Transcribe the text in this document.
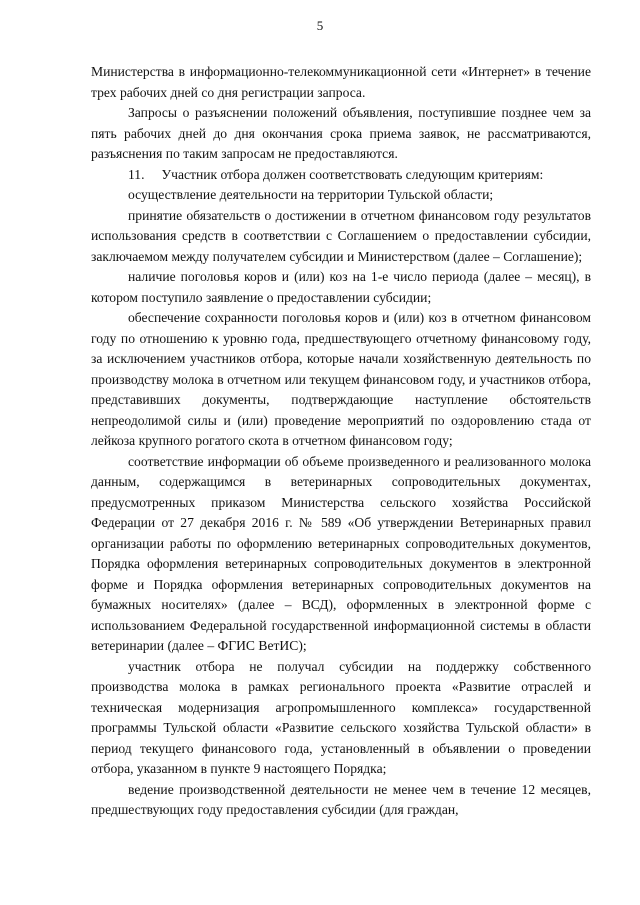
5

Министерства в информационно-телекоммуникационной сети «Интернет» в течение трех рабочих дней со дня регистрации запроса.

Запросы о разъяснении положений объявления, поступившие позднее чем за пять рабочих дней до дня окончания срока приема заявок, не рассматриваются, разъяснения по таким запросам не предоставляются.

11.     Участник отбора должен соответствовать следующим критериям:

осуществление деятельности на территории Тульской области;

принятие обязательств о достижении в отчетном финансовом году результатов использования средств в соответствии с Соглашением о предоставлении субсидии, заключаемом между получателем субсидии и Министерством (далее – Соглашение);

наличие поголовья коров и (или) коз на 1-е число периода (далее – месяц), в котором поступило заявление о предоставлении субсидии;

обеспечение сохранности поголовья коров и (или) коз в отчетном финансовом году по отношению к уровню года, предшествующего отчетному финансовому году, за исключением участников отбора, которые начали хозяйственную деятельность по производству молока в отчетном или текущем финансовом году, и участников отбора, представивших документы, подтверждающие наступление обстоятельств непреодолимой силы и (или) проведение мероприятий по оздоровлению стада от лейкоза крупного рогатого скота в отчетном финансовом году;

соответствие информации об объеме произведенного и реализованного молока данным, содержащимся в ветеринарных сопроводительных документах, предусмотренных приказом Министерства сельского хозяйства Российской Федерации от 27 декабря 2016 г. № 589 «Об утверждении Ветеринарных правил организации работы по оформлению ветеринарных сопроводительных документов, Порядка оформления ветеринарных сопроводительных документов в электронной форме и Порядка оформления ветеринарных сопроводительных документов на бумажных носителях» (далее – ВСД), оформленных в электронной форме с использованием Федеральной государственной информационной системы в области ветеринарии (далее – ФГИС ВетИС);

участник отбора не получал субсидии на поддержку собственного производства молока в рамках регионального проекта «Развитие отраслей и техническая модернизация агропромышленного комплекса» государственной программы Тульской области «Развитие сельского хозяйства Тульской области» в период текущего финансового года, установленный в объявлении о проведении отбора, указанном в пункте 9 настоящего Порядка;

ведение производственной деятельности не менее чем в течение 12 месяцев, предшествующих году предоставления субсидии (для граждан,
